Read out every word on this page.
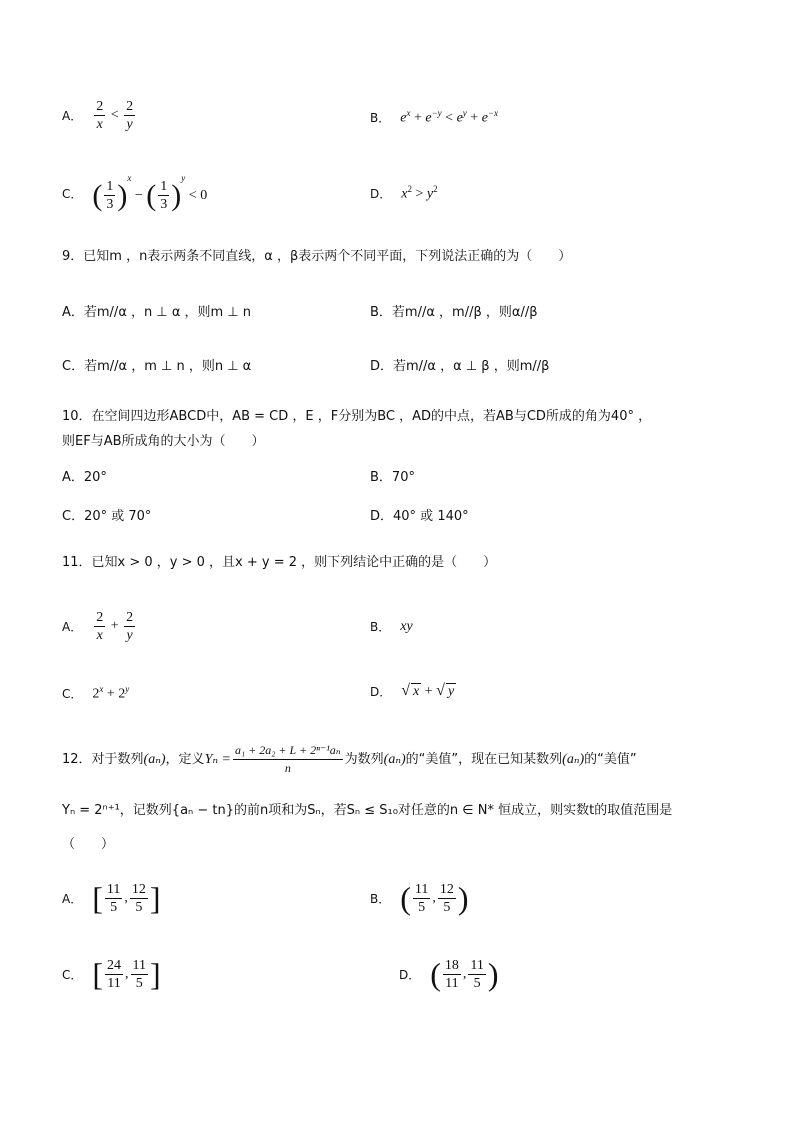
A． $\frac{2}{x} < \frac{2}{y}$	B． $e^x + e^{-y} < e^y + e^{-x}$
C． ( $\frac{1}{3} )^x$ − ( $\frac{1}{3} )^y < 0$	D． $x^2 > y^2$
9．已知m ，n表示两条不同直线，α ，β表示两个不同平面，下列说法正确的为（　　）
A．若m//α ，n ⊥ α ，则m ⊥ n	B．若m//α ，m//β ，则α//β
C．若m//α ，m ⊥ n ，则n ⊥ α	D．若m//α ，α ⊥ β ，则m//β
10．在空间四边形ABCD中，AB = CD ，E ，F分别为BC ，AD的中点，若AB与CD所成的角为40° ，
则EF与AB所成角的大小为（　　）
A．20°	B．70°
C．20° 或 70°	D．40° 或 140°
11．已知x > 0 ，y > 0 ，且x + y = 2 ，则下列结论中正确的是（　　）
A． $\frac{2}{x} + \frac{2}{y}$	B． xy
C． $2^x + 2^y$	D． √ x + √ y
12．对于数列 (aₙ) ，定义 $Y_n = \frac{\text{a₁ + 2a₂ + L + 2ⁿ⁻¹aₙ}}{n}$ 为数列 (aₙ) 的“美值”，现在已知某数列 (aₙ) 的“美值”
Yₙ = 2ⁿ⁺¹，记数列{aₙ − tn}的前n项和为Sₙ，若Sₙ ≤ S₁₀对任意的n ∈ N* 恒成立，则实数t的取值范围是
（　　）
A． [ $\frac{11}{5}$ , $\frac{12}{5}$ ]	B． ( $\frac{11}{5}$ , $\frac{12}{5}$ )
C． [ $\frac{24}{11}$ , $\frac{11}{5}$ ]	D． ( $\frac{18}{11}$ , $\frac{11}{5}$ )
